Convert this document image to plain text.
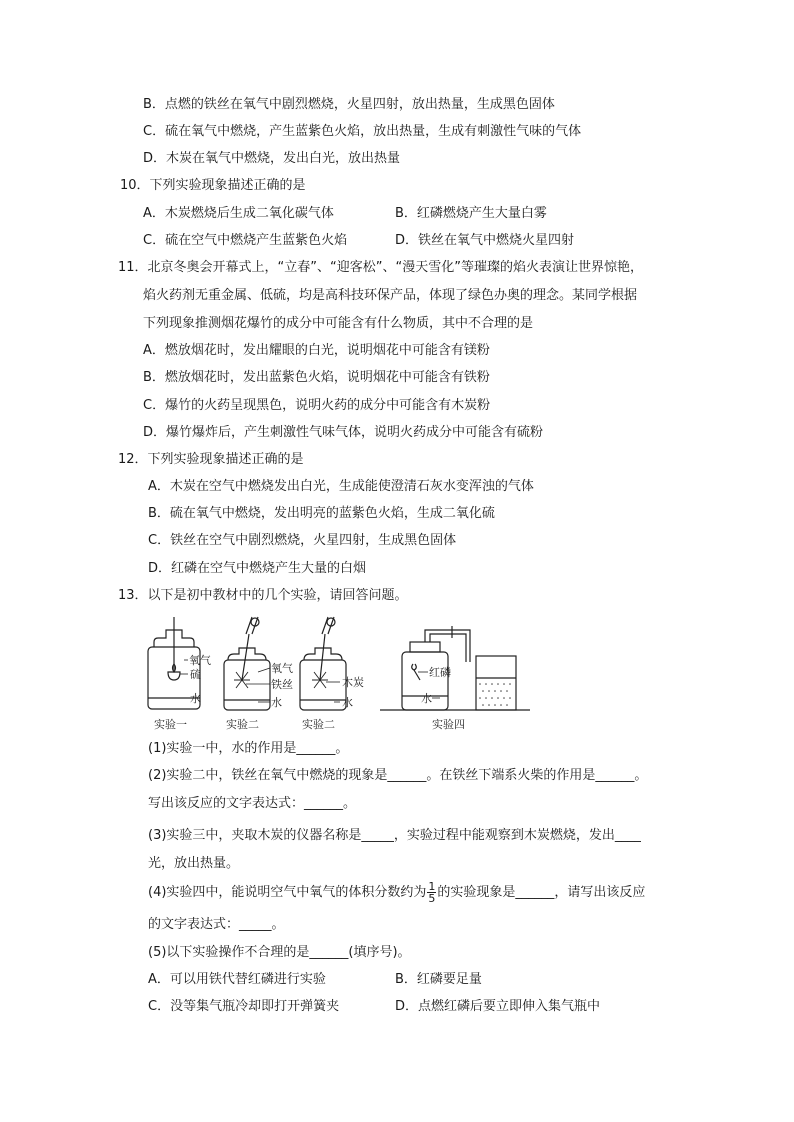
B．点燃的铁丝在氧气中剧烈燃烧，火星四射，放出热量，生成黑色固体
C．硫在氧气中燃烧，产生蓝紫色火焰，放出热量，生成有刺激性气味的气体
D．木炭在氧气中燃烧，发出白光，放出热量
10．下列实验现象描述正确的是
A．木炭燃烧后生成二氧化碳气体	B．红磷燃烧产生大量白雾
C．硫在空气中燃烧产生蓝紫色火焰	D．铁丝在氧气中燃烧火星四射
11．北京冬奥会开幕式上，“立春”、“迎客松”、“漫天雪化”等璀璨的焰火表演让世界惊艳，
焰火药剂无重金属、低硫，均是高科技环保产品，体现了绿色办奥的理念。某同学根据
下列现象推测烟花爆竹的成分中可能含有什么物质，其中不合理的是
A．燃放烟花时，发出耀眼的白光，说明烟花中可能含有镁粉
B．燃放烟花时，发出蓝紫色火焰，说明烟花中可能含有铁粉
C．爆竹的火药呈现黑色，说明火药的成分中可能含有木炭粉
D．爆竹爆炸后，产生刺激性气味气体，说明火药成分中可能含有硫粉
12．下列实验现象描述正确的是
A．木炭在空气中燃烧发出白光，生成能使澄清石灰水变浑浊的气体
B．硫在氧气中燃烧，发出明亮的蓝紫色火焰，生成二氧化硫
C．铁丝在空气中剧烈燃烧，火星四射，生成黑色固体
D．红磷在空气中燃烧产生大量的白烟
13．以下是初中教材中的几个实验，请回答问题。
氧气
硫
水
氧气
铁丝
水
木炭
水
红磷
水
实验一	实验二	实验二	实验四
(1)实验一中，水的作用是______。
(2)实验二中，铁丝在氧气中燃烧的现象是______。在铁丝下端系火柴的作用是______。
写出该反应的文字表达式：______。
(3)实验三中，夹取木炭的仪器名称是_____，实验过程中能观察到木炭燃烧，发出____
光，放出热量。
(4)实验四中，能说明空气中氧气的体积分数约为 $\frac{1}{5}$ 的实验现象是______，请写出该反应
的文字表达式：_____。
(5)以下实验操作不合理的是______(填序号)。
A．可以用铁代替红磷进行实验	B．红磷要足量
C．没等集气瓶冷却即打开弹簧夹	D．点燃红磷后要立即伸入集气瓶中
